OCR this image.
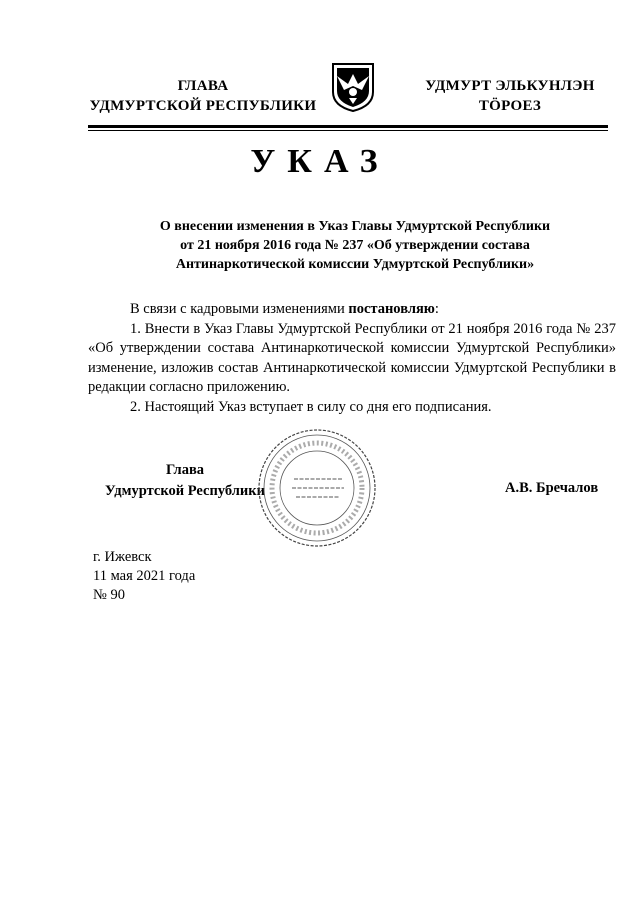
ГЛАВА
УДМУРТСКОЙ РЕСПУБЛИКИ
УДМУРТ ЭЛЬКУНЛЭН
ТӦРОЕЗ
УКАЗ
О внесении изменения в Указ Главы Удмуртской Республики
от 21 ноября 2016 года № 237 «Об утверждении состава
Антинаркотической комиссии Удмуртской Республики»

В связи с кадровыми изменениями постановляю:

1. Внести в Указ Главы Удмуртской Республики от 21 ноября 2016 года № 237 «Об утверждении состава Антинаркотической комиссии Удмуртской Республики» изменение, изложив состав Антинаркотической комиссии Удмуртской Республики в редакции согласно приложению.

2. Настоящий Указ вступает в силу со дня его подписания.

Глава
Удмуртской Республики	А.В. Бречалов
г. Ижевск
11 мая 2021 года
№ 90
